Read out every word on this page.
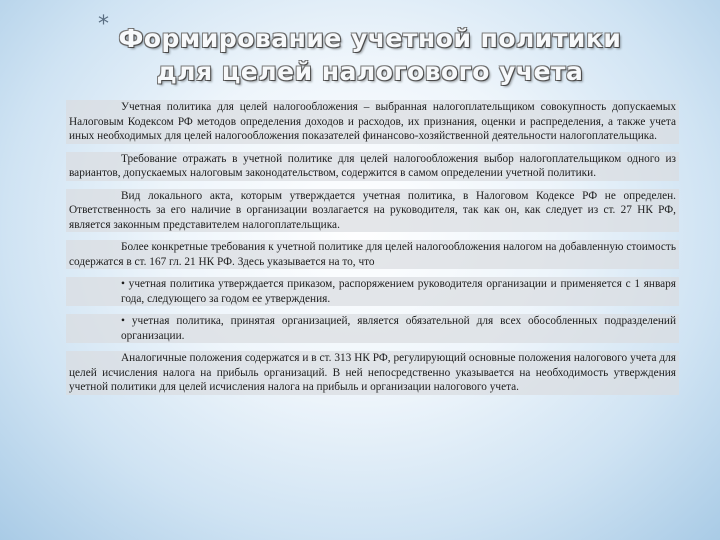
* Формирование учетной политики
для целей налогового учета

Учетная политика для целей налогообложения – выбранная налогоплательщиком совокупность допускаемых Налоговым Кодексом РФ методов определения доходов и расходов, их признания, оценки и распределения, а также учета иных необходимых для целей налогообложения показателей финансово-хозяйственной деятельности налогоплательщика.

Требование отражать в учетной политике для целей налогообложения выбор налогоплательщиком одного из вариантов, допускаемых налоговым законодательством, содержится в самом определении учетной политики.

Вид локального акта, которым утверждается учетная политика, в Налоговом Кодексе РФ не определен. Ответственность за его наличие в организации возлагается на руководителя, так как он, как следует из ст. 27 НК РФ, является законным представителем налогоплательщика.

Более конкретные требования к учетной политике для целей налогообложения налогом на добавленную стоимость содержатся в ст. 167 гл. 21 НК РФ. Здесь указывается на то, что

• учетная политика утверждается приказом, распоряжением руководителя организации и применяется с 1 января года, следующего за годом ее утверждения.

• учетная политика, принятая организацией, является обязательной для всех обособленных подразделений организации.

Аналогичные положения содержатся и в ст. 313 НК РФ, регулирующий основные положения налогового учета для целей исчисления налога на прибыль организаций. В ней непосредственно указывается на необходимость утверждения учетной политики для целей исчисления налога на прибыль и организации налогового учета.
